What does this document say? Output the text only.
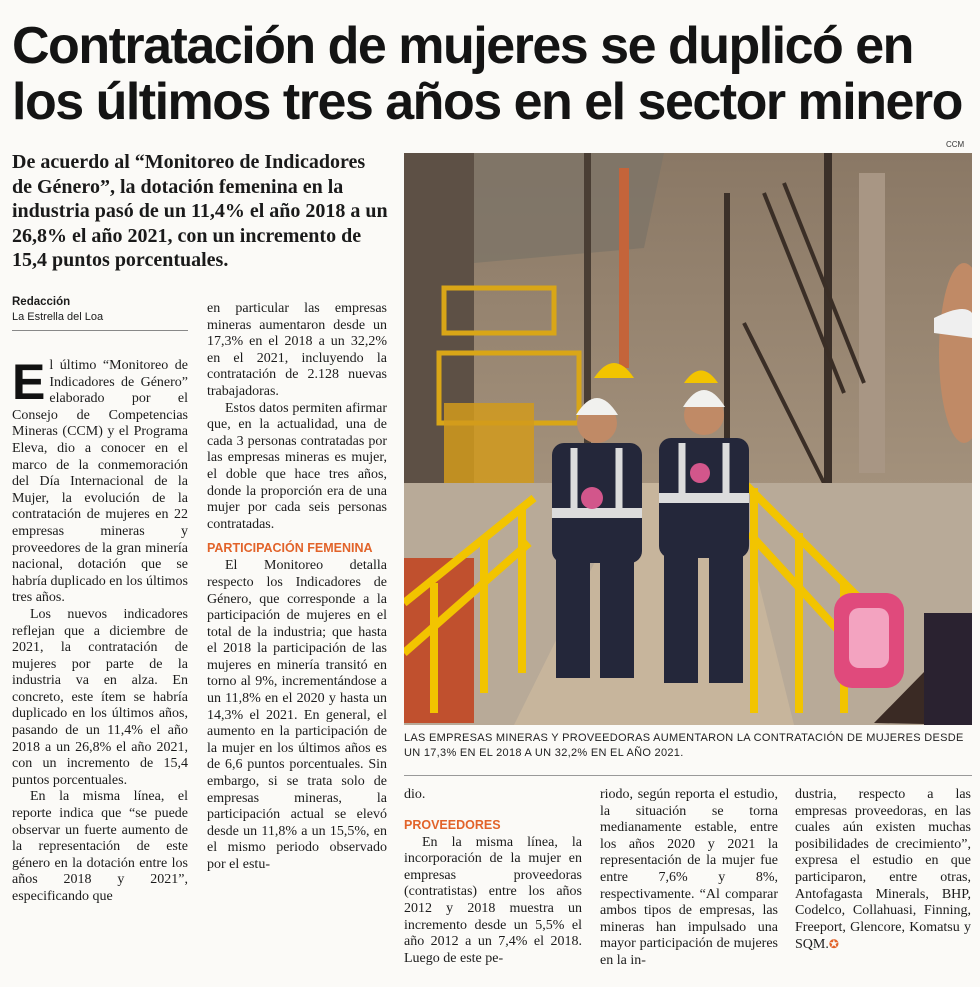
Contratación de mujeres se duplicó en los últimos tres años en el sector minero

De acuerdo al “Monitoreo de Indicadores de Género”, la dotación femenina en la industria pasó de un 11,4% el año 2018 a un 26,8% el año 2021, con un incremento de 15,4 puntos porcentuales.

Redacción
La Estrella del Loa

El último “Monitoreo de Indicadores de Género” elaborado por el Consejo de Competencias Mineras (CCM) y el Programa Eleva, dio a conocer en el marco de la conmemoración del Día Internacional de la Mujer, la evolución de la contratación de mujeres en 22 empresas mineras y proveedores de la gran minería nacional, dotación que se habría duplicado en los últimos tres años.

Los nuevos indicadores reflejan que a diciembre de 2021, la contratación de mujeres por parte de la industria va en alza. En concreto, este ítem se habría duplicado en los últimos años, pasando de un 11,4% el año 2018 a un 26,8% el año 2021, con un incremento de 15,4 puntos porcentuales.

En la misma línea, el reporte indica que “se puede observar un fuerte aumento de la representación de este género en la dotación entre los años 2018 y 2021”, especificando que

en particular las empresas mineras aumentaron desde un 17,3% en el 2018 a un 32,2% en el 2021, incluyendo la contratación de 2.128 nuevas trabajadoras.

Estos datos permiten afirmar que, en la actualidad, una de cada 3 personas contratadas por las empresas mineras es mujer, el doble que hace tres años, donde la proporción era de una mujer por cada seis personas contratadas.

PARTICIPACIÓN FEMENINA

El Monitoreo detalla respecto los Indicadores de Género, que corresponde a la participación de mujeres en el total de la industria; que hasta el 2018 la participación de las mujeres en minería transitó en torno al 9%, incrementándose a un 11,8% en el 2020 y hasta un 14,3% el 2021. En general, el aumento en la participación de la mujer en los últimos años es de 6,6 puntos porcentuales. Sin embargo, si se trata solo de empresas mineras, la participación actual se elevó desde un 11,8% a un 15,5%, en el mismo periodo observado por el estu-

CCM

LAS EMPRESAS MINERAS Y PROVEEDORAS AUMENTARON LA CONTRATACIÓN DE MUJERES DESDE UN 17,3% EN EL 2018 A UN 32,2% EN EL AÑO 2021.

dio.

PROVEEDORES

En la misma línea, la incorporación de la mujer en empresas proveedoras (contratistas) entre los años 2012 y 2018 muestra un incremento desde un 5,5% el año 2012 a un 7,4% el 2018. Luego de este pe-

riodo, según reporta el estudio, la situación se torna medianamente estable, entre los años 2020 y 2021 la representación de la mujer fue entre 7,6% y 8%, respectivamente. “Al comparar ambos tipos de empresas, las mineras han impulsado una mayor participación de mujeres en la in-

dustria, respecto a las empresas proveedoras, en las cuales aún existen muchas posibilidades de crecimiento”, expresa el estudio en que participaron, entre otras, Antofagasta Minerals, BHP, Codelco, Collahuasi, Finning, Freeport, Glencore, Komatsu y SQM.✪
